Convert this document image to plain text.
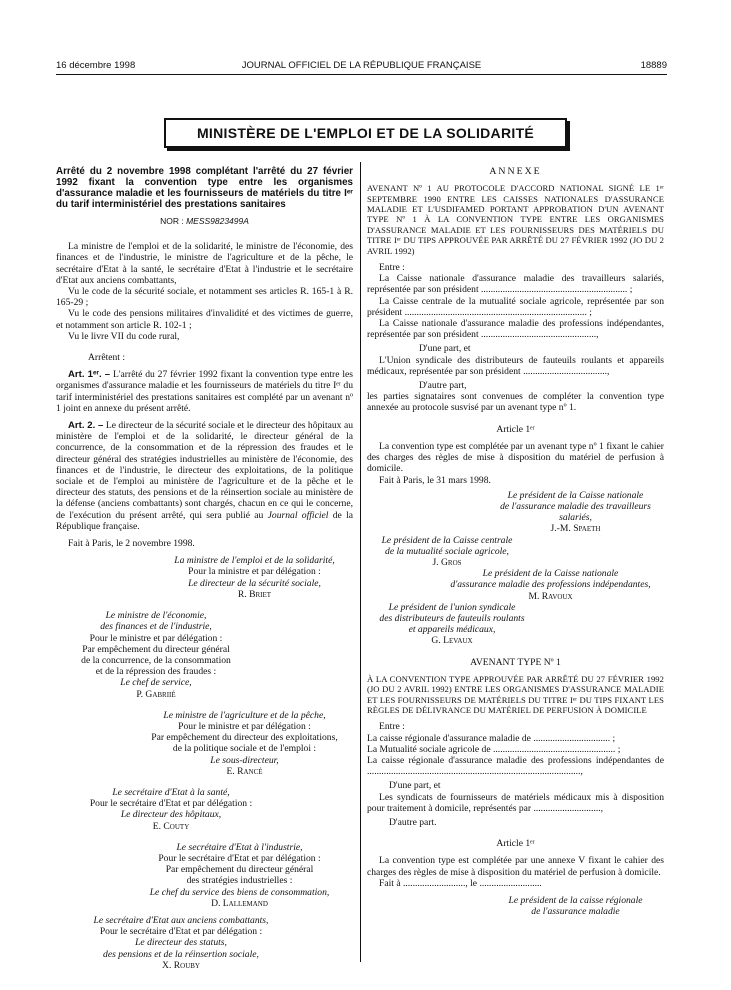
16 décembre 1998	JOURNAL OFFICIEL DE LA RÉPUBLIQUE FRANÇAISE	18889
MINISTÈRE DE L'EMPLOI ET DE LA SOLIDARITÉ
Arrêté du 2 novembre 1998 complétant l'arrêté du 27 février 1992 fixant la convention type entre les organismes d'assurance maladie et les fournisseurs de matériels du titre Iᵉʳ du tarif interministériel des prestations sanitaires
NOR : MESS9823499A

La ministre de l'emploi et de la solidarité, le ministre de l'économie, des finances et de l'industrie, le ministre de l'agriculture et de la pêche, le secrétaire d'Etat à la santé, le secrétaire d'Etat à l'industrie et le secrétaire d'Etat aux anciens combattants,

Vu le code de la sécurité sociale, et notamment ses articles R. 165-1 à R. 165-29 ;

Vu le code des pensions militaires d'invalidité et des victimes de guerre, et notamment son article R. 102-1 ;

Vu le livre VII du code rural,

Arrêtent :

Art. 1ᵉʳ. – L'arrêté du 27 février 1992 fixant la convention type entre les organismes d'assurance maladie et les fournisseurs de matériels du titre Iᵉʳ du tarif interministériel des prestations sanitaires est complété par un avenant nº 1 joint en annexe du présent arrêté.

Art. 2. – Le directeur de la sécurité sociale et le directeur des hôpitaux au ministère de l'emploi et de la solidarité, le directeur général de la concurrence, de la consommation et de la répression des fraudes et le directeur général des stratégies industrielles au ministère de l'économie, des finances et de l'industrie, le directeur des exploitations, de la politique sociale et de l'emploi au ministère de l'agriculture et de la pêche et le directeur des statuts, des pensions et de la réinsertion sociale au ministère de la défense (anciens combattants) sont chargés, chacun en ce qui le concerne, de l'exécution du présent arrêté, qui sera publié au Journal officiel de la République française.

Fait à Paris, le 2 novembre 1998.

La ministre de l'emploi et de la solidarité,
Pour la ministre et par délégation :
Le directeur de la sécurité sociale,
R. Briet
Le ministre de l'économie,
des finances et de l'industrie,
Pour le ministre et par délégation :
Par empêchement du directeur général
de la concurrence, de la consommation
et de la répression des fraudes :
Le chef de service,
P. Gabriié
Le ministre de l'agriculture et de la pêche,
Pour le ministre et par délégation :
Par empêchement du directeur des exploitations,
de la politique sociale et de l'emploi :
Le sous-directeur,
E. Rancé
Le secrétaire d'Etat à la santé,
Pour le secrétaire d'Etat et par délégation :
Le directeur des hôpitaux,
E. Couty
Le secrétaire d'Etat à l'industrie,
Pour le secrétaire d'Etat et par délégation :
Par empêchement du directeur général
des stratégies industrielles :
Le chef du service des biens de consommation,
D. Lallemand
Le secrétaire d'Etat aux anciens combattants,
Pour le secrétaire d'Etat et par délégation :
Le directeur des statuts,
des pensions et de la réinsertion sociale,
X. Rouby
ANNEXE
AVENANT Nº 1 AU PROTOCOLE D'ACCORD NATIONAL SIGNÉ LE 1ᵉʳ SEPTEMBRE 1990 ENTRE LES CAISSES NATIONALES D'ASSURANCE MALADIE ET L'USDIFAMED PORTANT APPROBATION D'UN AVENANT TYPE Nº 1 À LA CONVENTION TYPE ENTRE LES ORGANISMES D'ASSURANCE MALADIE ET LES FOURNISSEURS DES MATÉRIELS DU TITRE Iᵉʳ DU TIPS APPROUVÉE PAR ARRÊTÉ DU 27 FÉVRIER 1992 (JO DU 2 AVRIL 1992)

Entre :

La Caisse nationale d'assurance maladie des travailleurs salariés, représentée par son président ............................................................. ;

La Caisse centrale de la mutualité sociale agricole, représentée par son président ............................................................................ ;

La Caisse nationale d'assurance maladie des professions indépendantes, représentée par son président ................................................,

D'une part, et

L'Union syndicale des distributeurs de fauteuils roulants et appareils médicaux, représentée par son président ...................................,

D'autre part,

les parties signataires sont convenues de compléter la convention type annexée au protocole susvisé par un avenant type nº 1.

Article 1ᵉʳ

La convention type est complétée par un avenant type nº 1 fixant le cahier des charges des règles de mise à disposition du matériel de perfusion à domicile.

Fait à Paris, le 31 mars 1998.

Le président de la Caisse nationale
de l'assurance maladie des travailleurs salariés,
J.-M. Spaeth
Le président de la Caisse centrale
de la mutualité sociale agricole,
J. Gros
Le président de la Caisse nationale
d'assurance maladie des professions indépendantes,
M. Ravoux
Le président de l'union syndicale
des distributeurs de fauteuils roulants
et appareils médicaux,
G. Levaux
AVENANT TYPE Nº 1
À LA CONVENTION TYPE APPROUVÉE PAR ARRÊTÉ DU 27 FÉVRIER 1992 (JO DU 2 AVRIL 1992) ENTRE LES ORGANISMES D'ASSURANCE MALADIE ET LES FOURNISSEURS DE MATÉRIELS DU TITRE Iᵉʳ DU TIPS FIXANT LES RÈGLES DE DÉLIVRANCE DU MATÉRIEL DE PERFUSION À DOMICILE

Entre :

La caisse régionale d'assurance maladie de ................................ ;

La Mutualité sociale agricole de ................................................... ;

La caisse régionale d'assurance maladie des professions indépendantes de .........................................................................................,

D'une part, et

Les syndicats de fournisseurs de matériels médicaux mis à disposition pour traitement à domicile, représentés par ............................,

D'autre part.

Article 1ᵉʳ

La convention type est complétée par une annexe V fixant le cahier des charges des règles de mise à disposition du matériel de perfusion à domicile.

Fait à .........................., le ..........................

Le président de la caisse régionale
de l'assurance maladie
